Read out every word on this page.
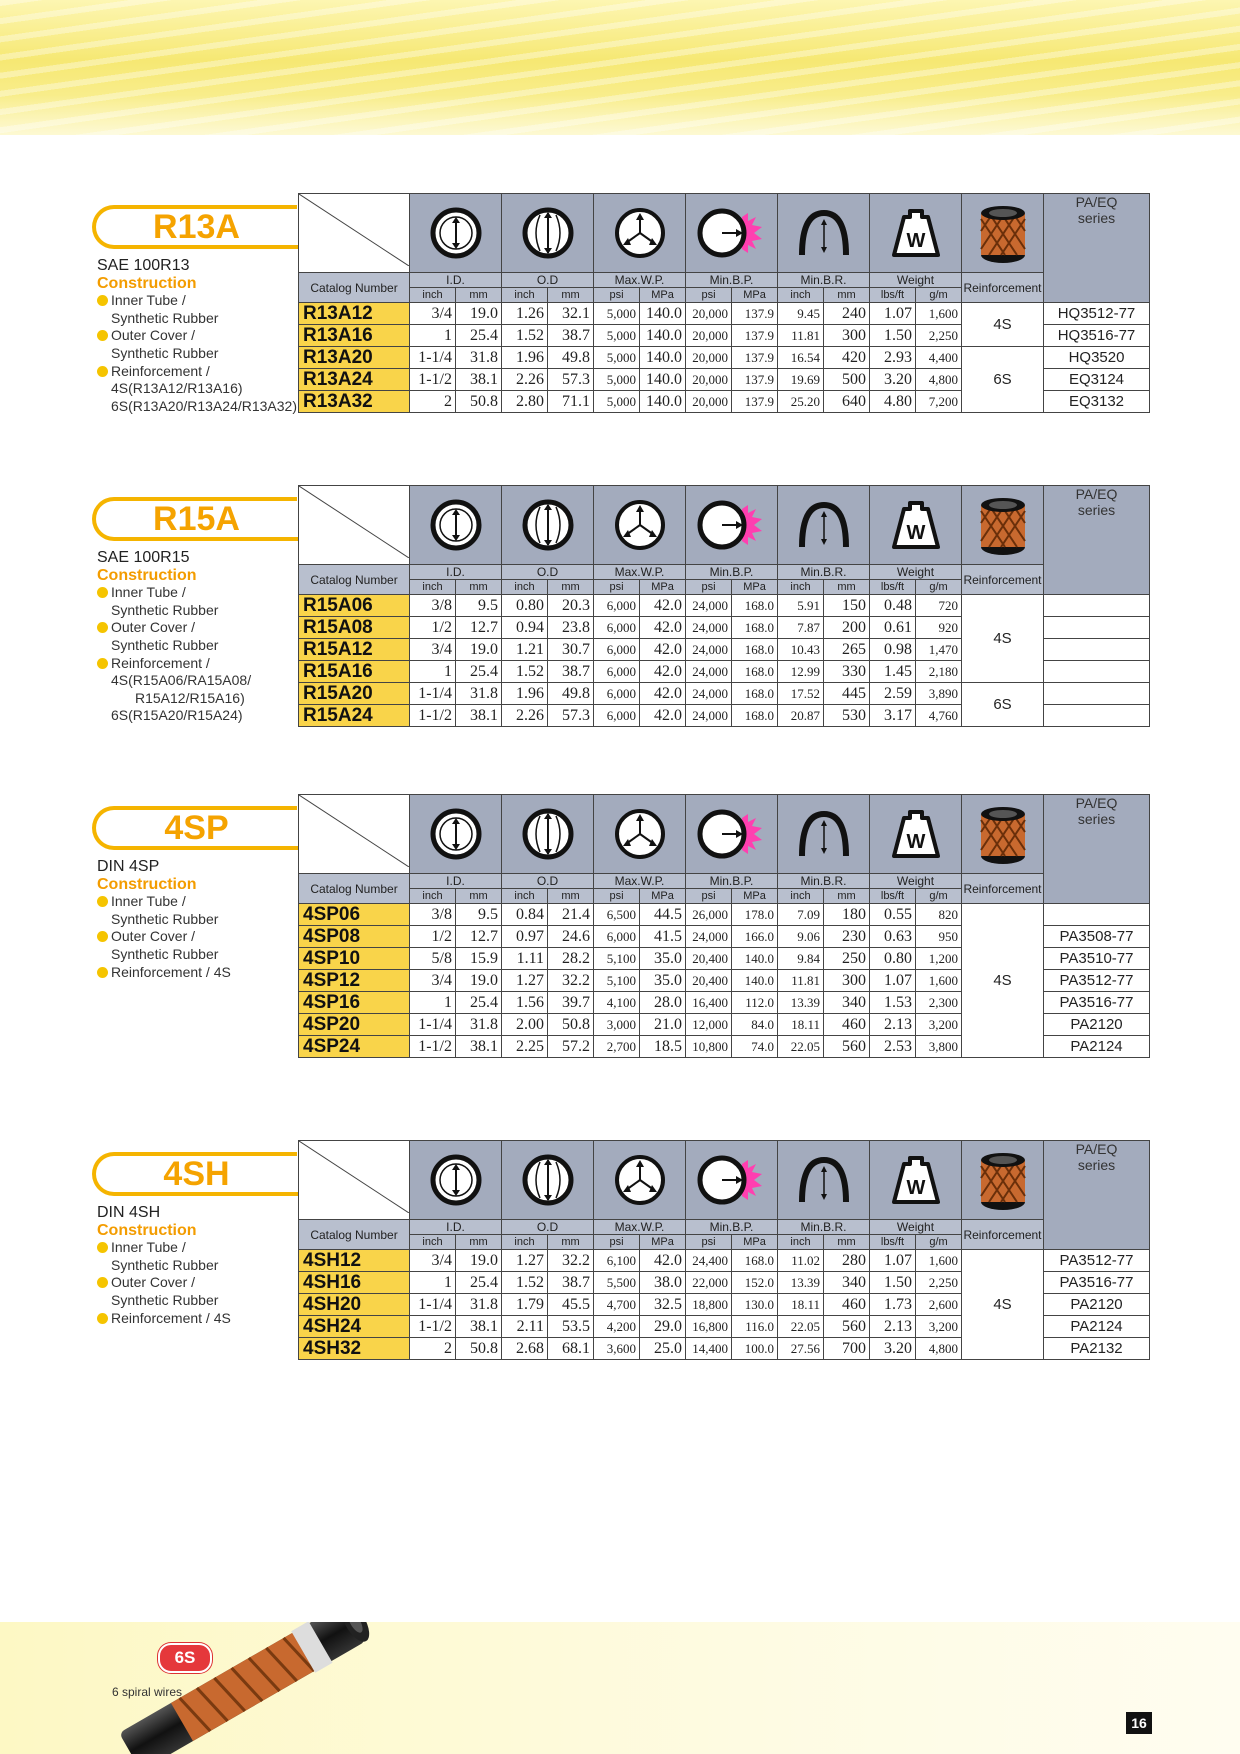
R13A
SAE 100R13
Construction
Inner Tube /
Synthetic Rubber
Outer Cover /
Synthetic Rubber
Reinforcement /
4S(R13A12/R13A16)
6S(R13A20/R13A24/R13A32)

W			PA/EQ
series

Catalog Number	I.D.		O.D		Max.W.P.		Min.B.P.		Min.B.R.		Weight		Reinforcement	
	inch	mm	inch	mm	psi	MPa	psi	MPa	inch	mm	lbs/ft	g/m		
R13A12	3/4	19.0	1.26	32.1	5,000	140.0	20,000	137.9	9.45	240	1.07	1,600	4S	HQ3512-77
R13A16	1	25.4	1.52	38.7	5,000	140.0	20,000	137.9	11.81	300	1.50	2,250		HQ3516-77
R13A20	1-1/4	31.8	1.96	49.8	5,000	140.0	20,000	137.9	16.54	420	2.93	4,400	6S	HQ3520
R13A24	1-1/2	38.1	2.26	57.3	5,000	140.0	20,000	137.9	19.69	500	3.20	4,800		EQ3124
R13A32	2	50.8	2.80	71.1	5,000	140.0	20,000	137.9	25.20	640	4.80	7,200		EQ3132
R15A
SAE 100R15
Construction
Inner Tube /
Synthetic Rubber
Outer Cover /
Synthetic Rubber
Reinforcement /
4S(R15A06/RA15A08/
R15A12/R15A16)
6S(R15A20/R15A24)

W			PA/EQ
series

Catalog Number	I.D.		O.D		Max.W.P.		Min.B.P.		Min.B.R.		Weight		Reinforcement	
	inch	mm	inch	mm	psi	MPa	psi	MPa	inch	mm	lbs/ft	g/m		
R15A06	3/8	9.5	0.80	20.3	6,000	42.0	24,000	168.0	5.91	150	0.48	720	4S	
R15A08	1/2	12.7	0.94	23.8	6,000	42.0	24,000	168.0	7.87	200	0.61	920		
R15A12	3/4	19.0	1.21	30.7	6,000	42.0	24,000	168.0	10.43	265	0.98	1,470		
R15A16	1	25.4	1.52	38.7	6,000	42.0	24,000	168.0	12.99	330	1.45	2,180		
R15A20	1-1/4	31.8	1.96	49.8	6,000	42.0	24,000	168.0	17.52	445	2.59	3,890	6S	
R15A24	1-1/2	38.1	2.26	57.3	6,000	42.0	24,000	168.0	20.87	530	3.17	4,760		
4SP
DIN 4SP
Construction
Inner Tube /
Synthetic Rubber
Outer Cover /
Synthetic Rubber
Reinforcement / 4S

W			PA/EQ
series

Catalog Number	I.D.		O.D		Max.W.P.		Min.B.P.		Min.B.R.		Weight		Reinforcement	
	inch	mm	inch	mm	psi	MPa	psi	MPa	inch	mm	lbs/ft	g/m		
4SP06	3/8	9.5	0.84	21.4	6,500	44.5	26,000	178.0	7.09	180	0.55	820	4S	
4SP08	1/2	12.7	0.97	24.6	6,000	41.5	24,000	166.0	9.06	230	0.63	950		PA3508-77
4SP10	5/8	15.9	1.11	28.2	5,100	35.0	20,400	140.0	9.84	250	0.80	1,200		PA3510-77
4SP12	3/4	19.0	1.27	32.2	5,100	35.0	20,400	140.0	11.81	300	1.07	1,600		PA3512-77
4SP16	1	25.4	1.56	39.7	4,100	28.0	16,400	112.0	13.39	340	1.53	2,300		PA3516-77
4SP20	1-1/4	31.8	2.00	50.8	3,000	21.0	12,000	84.0	18.11	460	2.13	3,200		PA2120
4SP24	1-1/2	38.1	2.25	57.2	2,700	18.5	10,800	74.0	22.05	560	2.53	3,800		PA2124
4SH
DIN 4SH
Construction
Inner Tube /
Synthetic Rubber
Outer Cover /
Synthetic Rubber
Reinforcement / 4S

W			PA/EQ
series

Catalog Number	I.D.		O.D		Max.W.P.		Min.B.P.		Min.B.R.		Weight		Reinforcement	
	inch	mm	inch	mm	psi	MPa	psi	MPa	inch	mm	lbs/ft	g/m		
4SH12	3/4	19.0	1.27	32.2	6,100	42.0	24,400	168.0	11.02	280	1.07	1,600	4S	PA3512-77
4SH16	1	25.4	1.52	38.7	5,500	38.0	22,000	152.0	13.39	340	1.50	2,250		PA3516-77
4SH20	1-1/4	31.8	1.79	45.5	4,700	32.5	18,800	130.0	18.11	460	1.73	2,600		PA2120
4SH24	1-1/2	38.1	2.11	53.5	4,200	29.0	16,800	116.0	22.05	560	2.13	3,200		PA2124
4SH32	2	50.8	2.68	68.1	3,600	25.0	14,400	100.0	27.56	700	3.20	4,800		PA2132
6S
6 spiral wires
16
